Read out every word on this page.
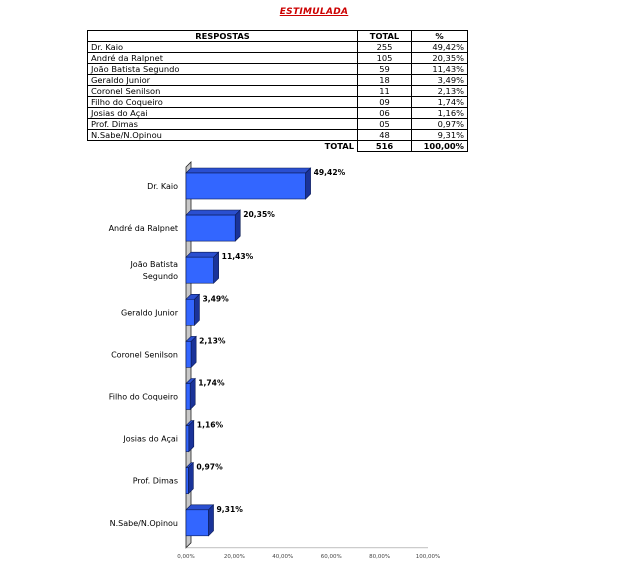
ESTIMULADA
RESPOSTAS	TOTAL	%
Dr. Kaio	255	49,42%
André da Ralpnet	105	20,35%
João Batista Segundo	59	11,43%
Geraldo Junior	18	3,49%
Coronel Senilson	11	2,13%
Filho do Coqueiro	09	1,74%
Josias do Açai	06	1,16%
Prof. Dimas	05	0,97%
N.Sabe/N.Opinou	48	9,31%
TOTAL	516	100,00%
49,42%
Dr. Kaio
20,35%
André da Ralpnet
11,43%
João Batista
Segundo
3,49%
Geraldo Junior
2,13%
Coronel Senilson
1,74%
Filho do Coqueiro
1,16%
Josias do Açai
0,97%
Prof. Dimas
9,31%
N.Sabe/N.Opinou
0,00%	20,00%	40,00%	60,00%	80,00%	100,00%
